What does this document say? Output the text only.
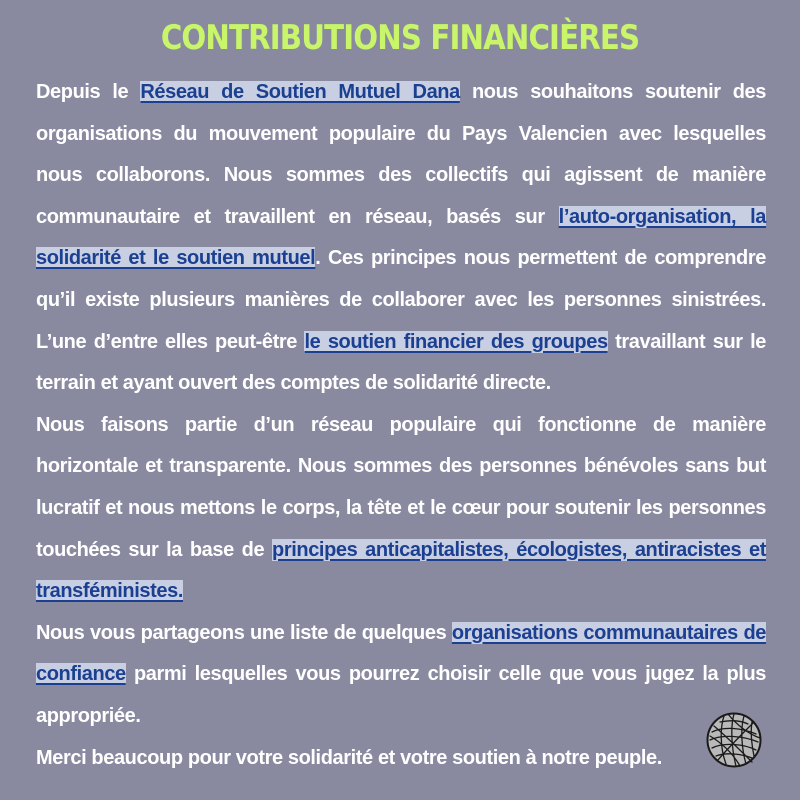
CONTRIBUTIONS FINANCIÈRES

Depuis le Réseau de Soutien Mutuel Dana nous souhaitons soutenir des organisations du mouvement populaire du Pays Valencien avec lesquelles nous collaborons. Nous sommes des collectifs qui agissent de manière communautaire et travaillent en réseau, basés sur l’auto-organisation, la solidarité et le soutien mutuel. Ces principes nous permettent de comprendre qu’il existe plusieurs manières de collaborer avec les personnes sinistrées. L’une d’entre elles peut-être le soutien financier des groupes travaillant sur le terrain et ayant ouvert des comptes de solidarité directe.

Nous faisons partie d’un réseau populaire qui fonctionne de manière horizontale et transparente. Nous sommes des personnes bénévoles sans but lucratif et nous mettons le corps, la tête et le cœur pour soutenir les personnes touchées sur la base de principes anticapitalistes, écologistes, antiracistes et transféministes.

Nous vous partageons une liste de quelques organisations communautaires de confiance parmi lesquelles vous pourrez choisir celle que vous jugez la plus appropriée.

Merci beaucoup pour votre solidarité et votre soutien à notre peuple.
